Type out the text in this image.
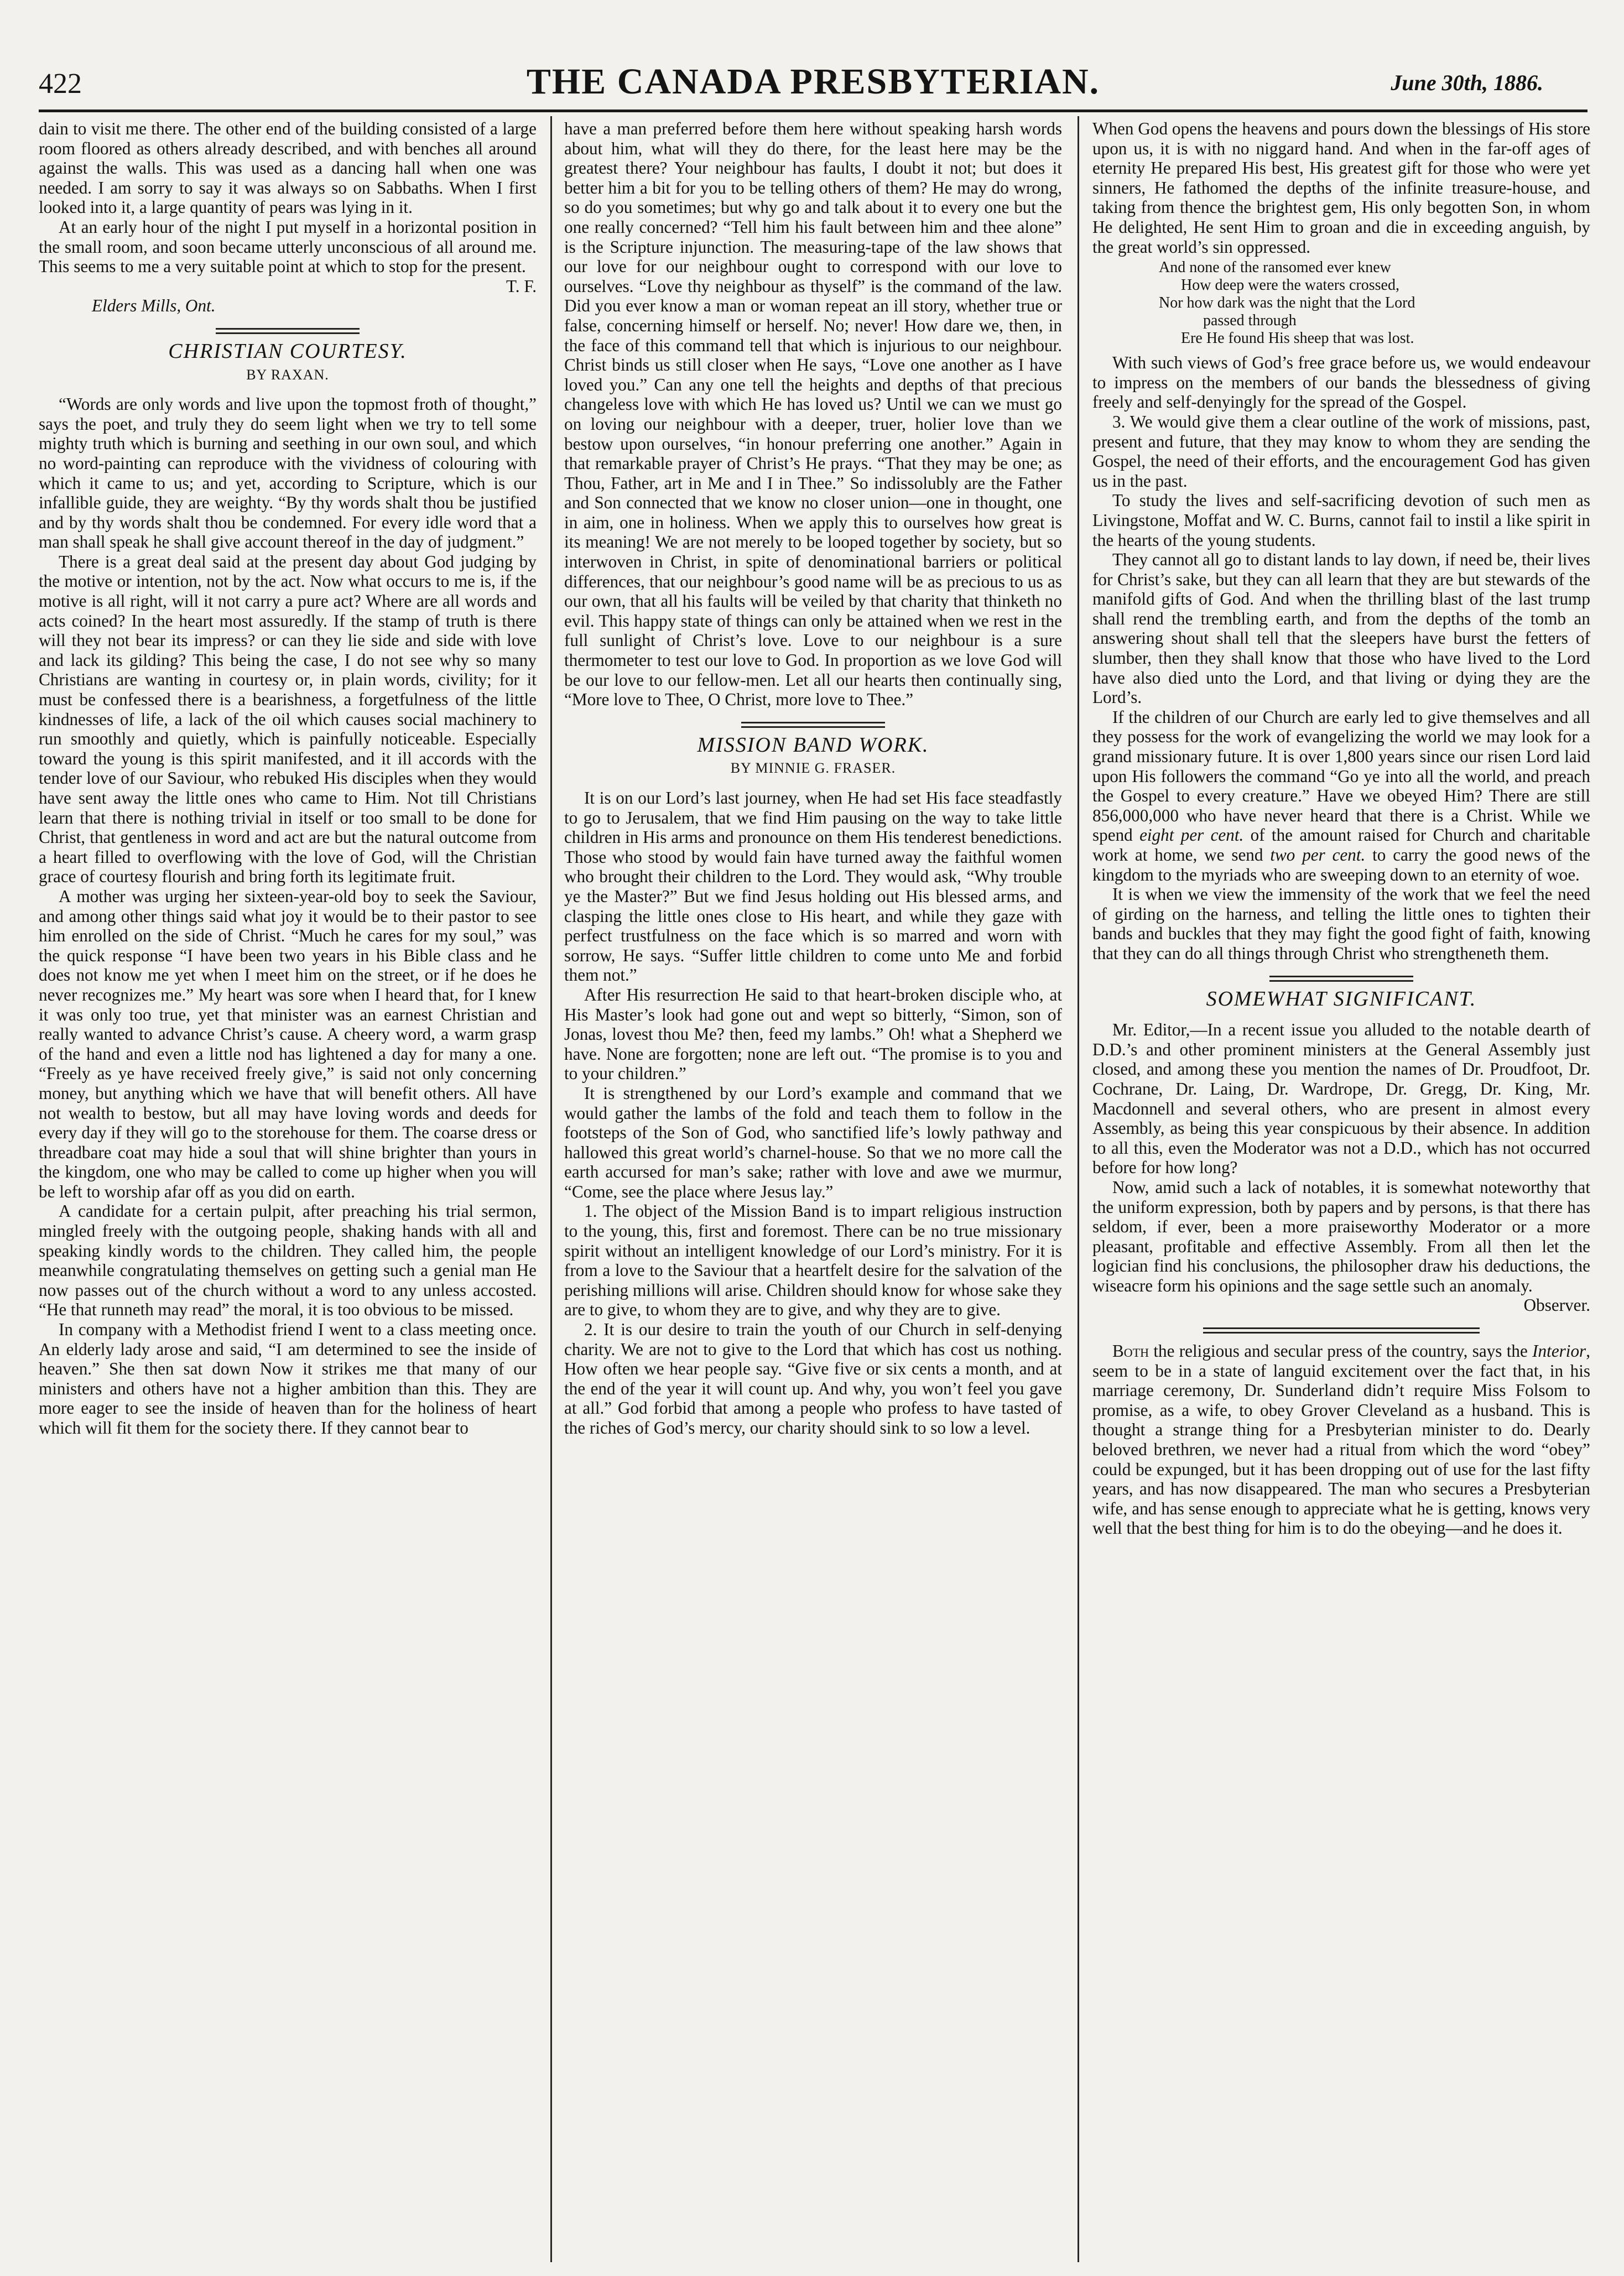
422	THE CANADA PRESBYTERIAN.	June 30th, 1886.

dain to visit me there. The other end of the building consisted of a large room floored as others already described, and with benches all around against the walls. This was used as a dancing hall when one was needed. I am sorry to say it was always so on Sabbaths. When I first looked into it, a large quantity of pears was lying in it.

At an early hour of the night I put myself in a horizontal position in the small room, and soon became utterly unconscious of all around me. This seems to me a very suitable point at which to stop for the present.

T. F.

Elders Mills, Ont.

CHRISTIAN COURTESY.
BY RAXAN.

“Words are only words and live upon the topmost froth of thought,” says the poet, and truly they do seem light when we try to tell some mighty truth which is burning and seething in our own soul, and which no word-painting can reproduce with the vividness of colouring with which it came to us; and yet, according to Scripture, which is our infallible guide, they are weighty. “By thy words shalt thou be justified and by thy words shalt thou be condemned. For every idle word that a man shall speak he shall give account thereof in the day of judgment.”

There is a great deal said at the present day about God judging by the motive or intention, not by the act. Now what occurs to me is, if the motive is all right, will it not carry a pure act? Where are all words and acts coined? In the heart most assuredly. If the stamp of truth is there will they not bear its impress? or can they lie side and side with love and lack its gilding? This being the case, I do not see why so many Christians are wanting in courtesy or, in plain words, civility; for it must be confessed there is a bearishness, a forgetfulness of the little kindnesses of life, a lack of the oil which causes social machinery to run smoothly and quietly, which is painfully noticeable. Especially toward the young is this spirit manifested, and it ill accords with the tender love of our Saviour, who rebuked His disciples when they would have sent away the little ones who came to Him. Not till Christians learn that there is nothing trivial in itself or too small to be done for Christ, that gentleness in word and act are but the natural outcome from a heart filled to overflowing with the love of God, will the Christian grace of courtesy flourish and bring forth its legitimate fruit.

A mother was urging her sixteen-year-old boy to seek the Saviour, and among other things said what joy it would be to their pastor to see him enrolled on the side of Christ. “Much he cares for my soul,” was the quick response “I have been two years in his Bible class and he does not know me yet when I meet him on the street, or if he does he never recognizes me.” My heart was sore when I heard that, for I knew it was only too true, yet that minister was an earnest Christian and really wanted to advance Christ’s cause. A cheery word, a warm grasp of the hand and even a little nod has lightened a day for many a one. “Freely as ye have received freely give,” is said not only concerning money, but anything which we have that will benefit others. All have not wealth to bestow, but all may have loving words and deeds for every day if they will go to the storehouse for them. The coarse dress or threadbare coat may hide a soul that will shine brighter than yours in the kingdom, one who may be called to come up higher when you will be left to worship afar off as you did on earth.

A candidate for a certain pulpit, after preaching his trial sermon, mingled freely with the outgoing people, shaking hands with all and speaking kindly words to the children. They called him, the people meanwhile congratulating themselves on getting such a genial man He now passes out of the church without a word to any unless accosted. “He that runneth may read” the moral, it is too obvious to be missed.

In company with a Methodist friend I went to a class meeting once. An elderly lady arose and said, “I am determined to see the inside of heaven.” She then sat down Now it strikes me that many of our ministers and others have not a higher ambition than this. They are more eager to see the inside of heaven than for the holiness of heart which will fit them for the society there. If they cannot bear to

have a man preferred before them here without speaking harsh words about him, what will they do there, for the least here may be the greatest there? Your neighbour has faults, I doubt it not; but does it better him a bit for you to be telling others of them? He may do wrong, so do you sometimes; but why go and talk about it to every one but the one really concerned? “Tell him his fault between him and thee alone” is the Scripture injunction. The measuring-tape of the law shows that our love for our neighbour ought to correspond with our love to ourselves. “Love thy neighbour as thyself” is the command of the law. Did you ever know a man or woman repeat an ill story, whether true or false, concerning himself or herself. No; never! How dare we, then, in the face of this command tell that which is injurious to our neighbour. Christ binds us still closer when He says, “Love one another as I have loved you.” Can any one tell the heights and depths of that precious changeless love with which He has loved us? Until we can we must go on loving our neighbour with a deeper, truer, holier love than we bestow upon ourselves, “in honour preferring one another.” Again in that remarkable prayer of Christ’s He prays. “That they may be one; as Thou, Father, art in Me and I in Thee.” So indissolubly are the Father and Son connected that we know no closer union—one in thought, one in aim, one in holiness. When we apply this to ourselves how great is its meaning! We are not merely to be looped together by society, but so interwoven in Christ, in spite of denominational barriers or political differences, that our neighbour’s good name will be as precious to us as our own, that all his faults will be veiled by that charity that thinketh no evil. This happy state of things can only be attained when we rest in the full sunlight of Christ’s love. Love to our neighbour is a sure thermometer to test our love to God. In proportion as we love God will be our love to our fellow-men. Let all our hearts then continually sing, “More love to Thee, O Christ, more love to Thee.”

MISSION BAND WORK.
BY MINNIE G. FRASER.

It is on our Lord’s last journey, when He had set His face steadfastly to go to Jerusalem, that we find Him pausing on the way to take little children in His arms and pronounce on them His tenderest benedictions. Those who stood by would fain have turned away the faithful women who brought their children to the Lord. They would ask, “Why trouble ye the Master?” But we find Jesus holding out His blessed arms, and clasping the little ones close to His heart, and while they gaze with perfect trustfulness on the face which is so marred and worn with sorrow, He says. “Suffer little children to come unto Me and forbid them not.”

After His resurrection He said to that heart-broken disciple who, at His Master’s look had gone out and wept so bitterly, “Simon, son of Jonas, lovest thou Me? then, feed my lambs.” Oh! what a Shepherd we have. None are forgotten; none are left out. “The promise is to you and to your children.”

It is strengthened by our Lord’s example and command that we would gather the lambs of the fold and teach them to follow in the footsteps of the Son of God, who sanctified life’s lowly pathway and hallowed this great world’s charnel-house. So that we no more call the earth accursed for man’s sake; rather with love and awe we murmur, “Come, see the place where Jesus lay.”

1. The object of the Mission Band is to impart religious instruction to the young, this, first and foremost. There can be no true missionary spirit without an intelligent knowledge of our Lord’s ministry. For it is from a love to the Saviour that a heartfelt desire for the salvation of the perishing millions will arise. Children should know for whose sake they are to give, to whom they are to give, and why they are to give.

2. It is our desire to train the youth of our Church in self-denying charity. We are not to give to the Lord that which has cost us nothing. How often we hear people say. “Give five or six cents a month, and at the end of the year it will count up. And why, you won’t feel you gave at all.” God forbid that among a people who profess to have tasted of the riches of God’s mercy, our charity should sink to so low a level.

When God opens the heavens and pours down the blessings of His store upon us, it is with no niggard hand. And when in the far-off ages of eternity He prepared His best, His greatest gift for those who were yet sinners, He fathomed the depths of the infinite treasure-house, and taking from thence the brightest gem, His only begotten Son, in whom He delighted, He sent Him to groan and die in exceeding anguish, by the great world’s sin oppressed.

And none of the ransomed ever knew
How deep were the waters crossed,
Nor how dark was the night that the Lord
passed through
Ere He found His sheep that was lost.

With such views of God’s free grace before us, we would endeavour to impress on the members of our bands the blessedness of giving freely and self-denyingly for the spread of the Gospel.

3. We would give them a clear outline of the work of missions, past, present and future, that they may know to whom they are sending the Gospel, the need of their efforts, and the encouragement God has given us in the past.

To study the lives and self-sacrificing devotion of such men as Livingstone, Moffat and W. C. Burns, cannot fail to instil a like spirit in the hearts of the young students.

They cannot all go to distant lands to lay down, if need be, their lives for Christ’s sake, but they can all learn that they are but stewards of the manifold gifts of God. And when the thrilling blast of the last trump shall rend the trembling earth, and from the depths of the tomb an answering shout shall tell that the sleepers have burst the fetters of slumber, then they shall know that those who have lived to the Lord have also died unto the Lord, and that living or dying they are the Lord’s.

If the children of our Church are early led to give themselves and all they possess for the work of evangelizing the world we may look for a grand missionary future. It is over 1,800 years since our risen Lord laid upon His followers the command “Go ye into all the world, and preach the Gospel to every creature.” Have we obeyed Him? There are still 856,000,000 who have never heard that there is a Christ. While we spend eight per cent. of the amount raised for Church and charitable work at home, we send two per cent. to carry the good news of the kingdom to the myriads who are sweeping down to an eternity of woe.

It is when we view the immensity of the work that we feel the need of girding on the harness, and telling the little ones to tighten their bands and buckles that they may fight the good fight of faith, knowing that they can do all things through Christ who strengtheneth them.

SOMEWHAT SIGNIFICANT.

Mr. Editor,—In a recent issue you alluded to the notable dearth of D.D.’s and other prominent ministers at the General Assembly just closed, and among these you mention the names of Dr. Proudfoot, Dr. Cochrane, Dr. Laing, Dr. Wardrope, Dr. Gregg, Dr. King, Mr. Macdonnell and several others, who are present in almost every Assembly, as being this year conspicuous by their absence. In addition to all this, even the Moderator was not a D.D., which has not occurred before for how long?

Now, amid such a lack of notables, it is somewhat noteworthy that the uniform expression, both by papers and by persons, is that there has seldom, if ever, been a more praiseworthy Moderator or a more pleasant, profitable and effective Assembly. From all then let the logician find his conclusions, the philosopher draw his deductions, the wiseacre form his opinions and the sage settle such an anomaly.

Observer.

Both the religious and secular press of the country, says the Interior, seem to be in a state of languid excitement over the fact that, in his marriage ceremony, Dr. Sunderland didn’t require Miss Folsom to promise, as a wife, to obey Grover Cleveland as a husband. This is thought a strange thing for a Presbyterian minister to do. Dearly beloved brethren, we never had a ritual from which the word “obey” could be expunged, but it has been dropping out of use for the last fifty years, and has now disappeared. The man who secures a Presbyterian wife, and has sense enough to appreciate what he is getting, knows very well that the best thing for him is to do the obeying—and he does it.
